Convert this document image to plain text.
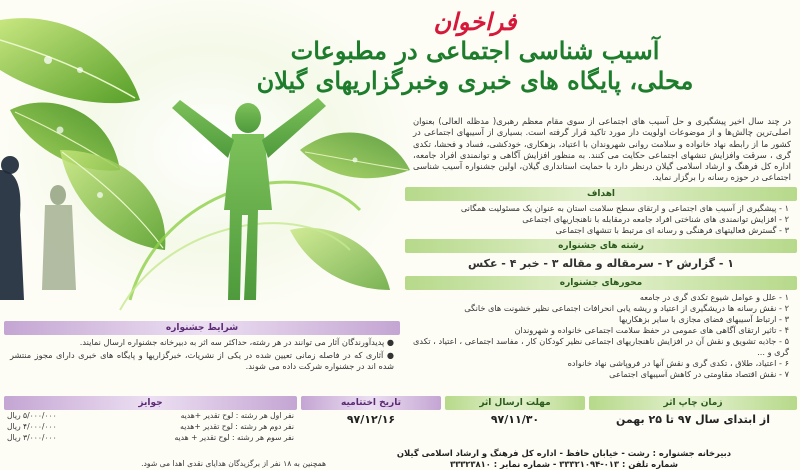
فراخوان
آسیب شناسی اجتماعی در مطبوعات
محلی، پایگاه های خبری وخبرگزاریهای گیلان

در چند سال اخیر پیشگیری و حل آسیب های اجتماعی از سوی مقام معظم رهبری( مدظله العالی) بعنوان اصلی‌ترین چالش‌ها و از موضوعات اولویت دار مورد تاکید قرار گرفته است. بسیاری از آسیبهای اجتماعی در کشور ما از رابطه نهاد خانواده و سلامت روانی شهروندان با اعتیاد، بزهکاری، خودکشی، فساد و فحشا، تکدی گری ، سرقت وافزایش تنشهای اجتماعی حکایت می کنند. به منظور افزایش آگاهی و توانمندی افراد جامعه، اداره کل فرهنگ و ارشاد اسلامی گیلان درنظر دارد با حمایت استانداری گیلان، اولین جشنواره آسیب شناسی اجتماعی در حوزه رسانه را برگزار نماید.

اهداف

۱ - پیشگیری از آسیب های اجتماعی و ارتقای سطح سلامت استان به عنوان یک مسئولیت همگانی

۲ - افزایش توانمندی های شناختی افراد جامعه درمقابله با ناهنجاریهای اجتماعی

۳ - گسترش فعالیتهای فرهنگی و رسانه ای مرتبط با تنشهای اجتماعی

رشته های جشنواره

۱ - گزارش ۲ - سرمقاله و مقاله ۳ - خبر ۴ - عکس

محورهای جشنواره

۱ - علل و عوامل شیوع تکدی گری در جامعه

۲ - نقش رسانه ها دریشگیری از اعتیاد و ریشه یابی انحرافات اجتماعی نظیر خشونت های خانگی

۳ - ارتباط آسیبهای فضای مجازی با سایر بزهکاریها

۴ - تاثیر ارتقای آگاهی های عمومی در حفظ سلامت اجتماعی خانواده و شهروندان

۵ - جاذبه تشویق و نقش آن در افزایش ناهنجاریهای اجتماعی نظیر کودکان کار ، مفاسد اجتماعی ، اعتیاد ، تکدی گری و ...

۶ - اعتیاد، طلاق ، تکدی گری و نقش آنها در فروپاشی نهاد خانواده

۷ - نقش اقتصاد مقاومتی در کاهش آسیبهای اجتماعی

شرایط جشنواره

● پدیدآورندگان آثار می توانند در هر رشته، حداکثر سه اثر به دبیرخانه جشنواره ارسال نمایند.

● آثاری که در فاصله زمانی تعیین شده در یکی از نشریات، خبرگزاریها و پایگاه های خبری دارای مجوز منتشر شده اند در جشنواره شرکت داده می شوند.

زمان چاپ اثر
از ابتدای سال ۹۷ تا ۲۵ بهمن
مهلت ارسال اثر
۹۷/۱۱/۳۰
تاریخ اختتامیه
۹۷/۱۲/۱۶
جوایز
نفر اول هر رشته : لوح تقدیر +هدیه
۵/۰۰۰/۰۰۰ ریال
نفر دوم هر رشته : لوح تقدیر +هدیه
۴/۰۰۰/۰۰۰ ریال
نفر سوم هر رشته : لوح تقدیر + هدیه
۳/۰۰۰/۰۰۰ ریال
دبیرخانه جشنواره : رشت - خیابان حافظ - اداره کل فرهنگ و ارشاد اسلامی گیلان
شماره تلفن : ۰۱۳-۳۳۳۲۱۰۹۴ - شماره نمابر : ۳۳۳۲۳۸۱۰

همچنین به ۱۸ نفر از برگزیدگان هدایای نقدی اهدا می شود.
